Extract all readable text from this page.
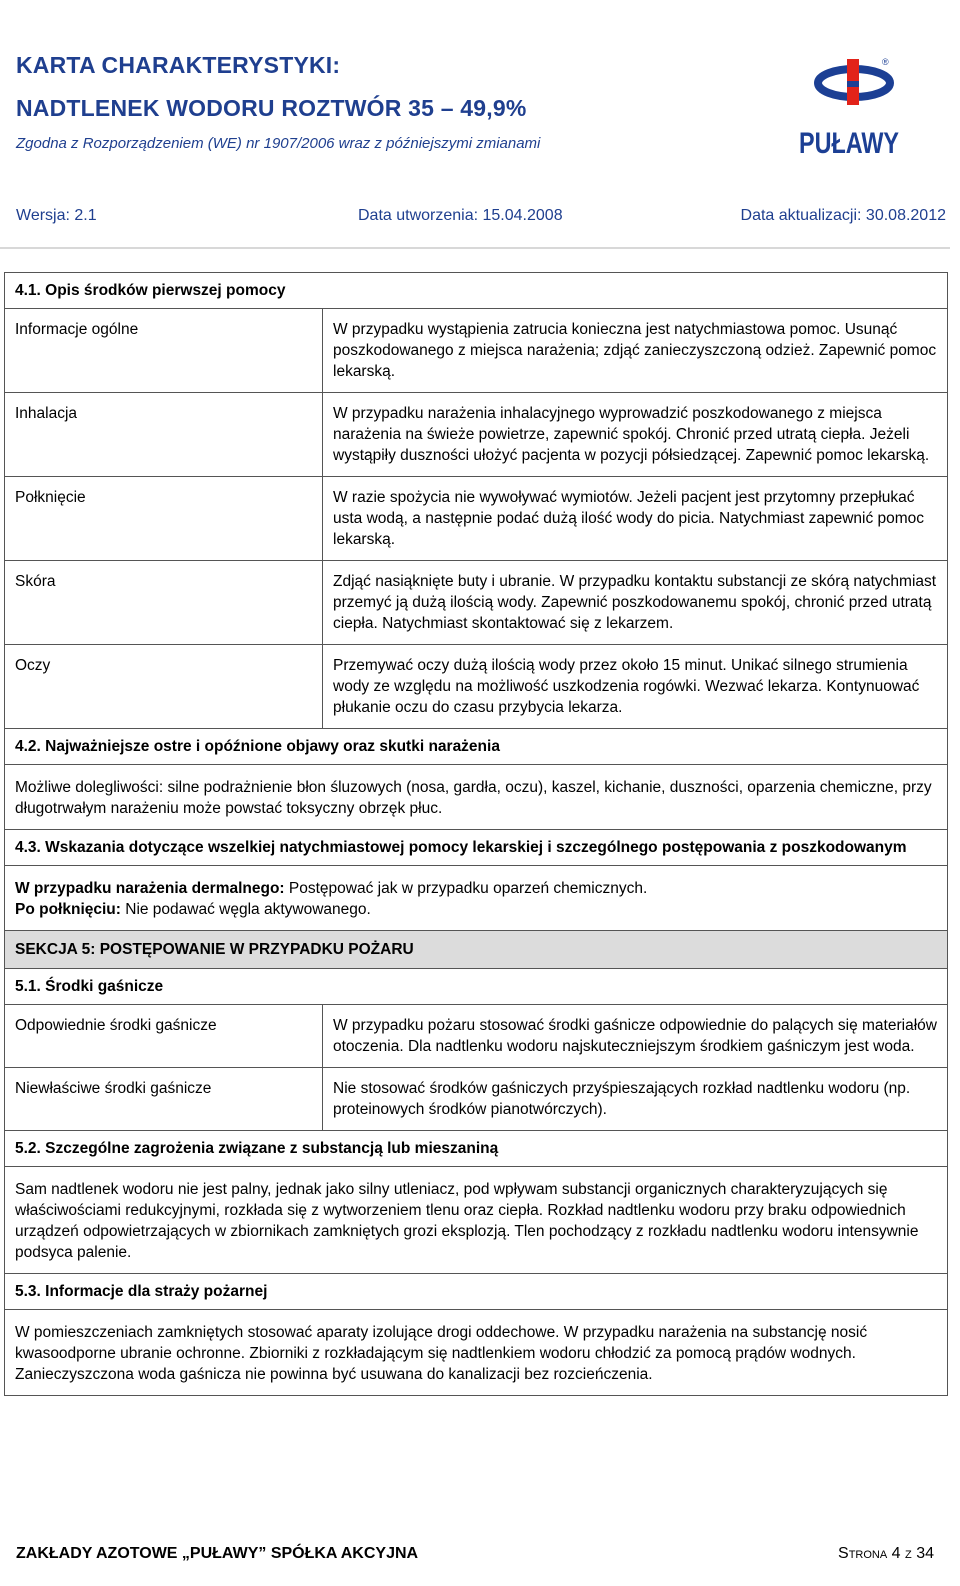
KARTA CHARAKTERYSTYKI:
NADTLENEK WODORU ROZTWÓR 35 – 49,9%
Zgodna z Rozporządzeniem (WE) nr 1907/2006 wraz z późniejszymi zmianami
®
PUŁAWY
Wersja: 2.1	Data utworzenia: 15.04.2008	Data aktualizacji: 30.08.2012
4.1. Opis środków pierwszej pomocy
Informacje ogólne	W przypadku wystąpienia zatrucia konieczna jest natychmiastowa pomoc. Usunąć poszkodowanego z miejsca narażenia; zdjąć zanieczyszczoną odzież. Zapewnić pomoc lekarską.
Inhalacja	W przypadku narażenia inhalacyjnego wyprowadzić poszkodowanego z miejsca narażenia na świeże powietrze, zapewnić spokój. Chronić przed utratą ciepła. Jeżeli wystąpiły duszności ułożyć pacjenta w pozycji półsiedzącej. Zapewnić pomoc lekarską.
Połknięcie	W razie spożycia nie wywoływać wymiotów. Jeżeli pacjent jest przytomny przepłukać usta wodą, a następnie podać dużą ilość wody do picia. Natychmiast zapewnić pomoc lekarską.
Skóra	Zdjąć nasiąknięte buty i ubranie. W przypadku kontaktu substancji ze skórą natychmiast przemyć ją dużą ilością wody. Zapewnić poszkodowanemu spokój, chronić przed utratą ciepła. Natychmiast skontaktować się z lekarzem.
Oczy	Przemywać oczy dużą ilością wody przez około 15 minut. Unikać silnego strumienia wody ze względu na możliwość uszkodzenia rogówki. Wezwać lekarza. Kontynuować płukanie oczu do czasu przybycia lekarza.
4.2. Najważniejsze ostre i opóźnione objawy oraz skutki narażenia
Możliwe dolegliwości: silne podrażnienie błon śluzowych (nosa, gardła, oczu), kaszel, kichanie, duszności, oparzenia chemiczne, przy długotrwałym narażeniu może powstać toksyczny obrzęk płuc.
4.3. Wskazania dotyczące wszelkiej natychmiastowej pomocy lekarskiej i szczególnego postępowania z poszkodowanym
W przypadku narażenia dermalnego: Postępować jak w przypadku oparzeń chemicznych.
Po połknięciu: Nie podawać węgla aktywowanego.
SEKCJA 5: POSTĘPOWANIE W PRZYPADKU POŻARU
5.1. Środki gaśnicze
Odpowiednie środki gaśnicze	W przypadku pożaru stosować środki gaśnicze odpowiednie do palących się materiałów otoczenia. Dla nadtlenku wodoru najskuteczniejszym środkiem gaśniczym jest woda.
Niewłaściwe środki gaśnicze	Nie stosować środków gaśniczych przyśpieszających rozkład nadtlenku wodoru (np. proteinowych środków pianotwórczych).
5.2. Szczególne zagrożenia związane z substancją lub mieszaniną
Sam nadtlenek wodoru nie jest palny, jednak jako silny utleniacz, pod wpływam substancji organicznych charakteryzujących się właściwościami redukcyjnymi, rozkłada się z wytworzeniem tlenu oraz ciepła. Rozkład nadtlenku wodoru przy braku odpowiednich urządzeń odpowietrzających w zbiornikach zamkniętych grozi eksplozją. Tlen pochodzący z rozkładu nadtlenku wodoru intensywnie podsyca palenie.
5.3. Informacje dla straży pożarnej
W pomieszczeniach zamkniętych stosować aparaty izolujące drogi oddechowe. W przypadku narażenia na substancję nosić kwasoodporne ubranie ochronne. Zbiorniki z rozkładającym się nadtlenkiem wodoru chłodzić za pomocą prądów wodnych. Zanieczyszczona woda gaśnicza nie powinna być usuwana do kanalizacji bez rozcieńczenia.
ZAKŁADY AZOTOWE „PUŁAWY” SPÓŁKA AKCYJNA	Strona 4 z 34
